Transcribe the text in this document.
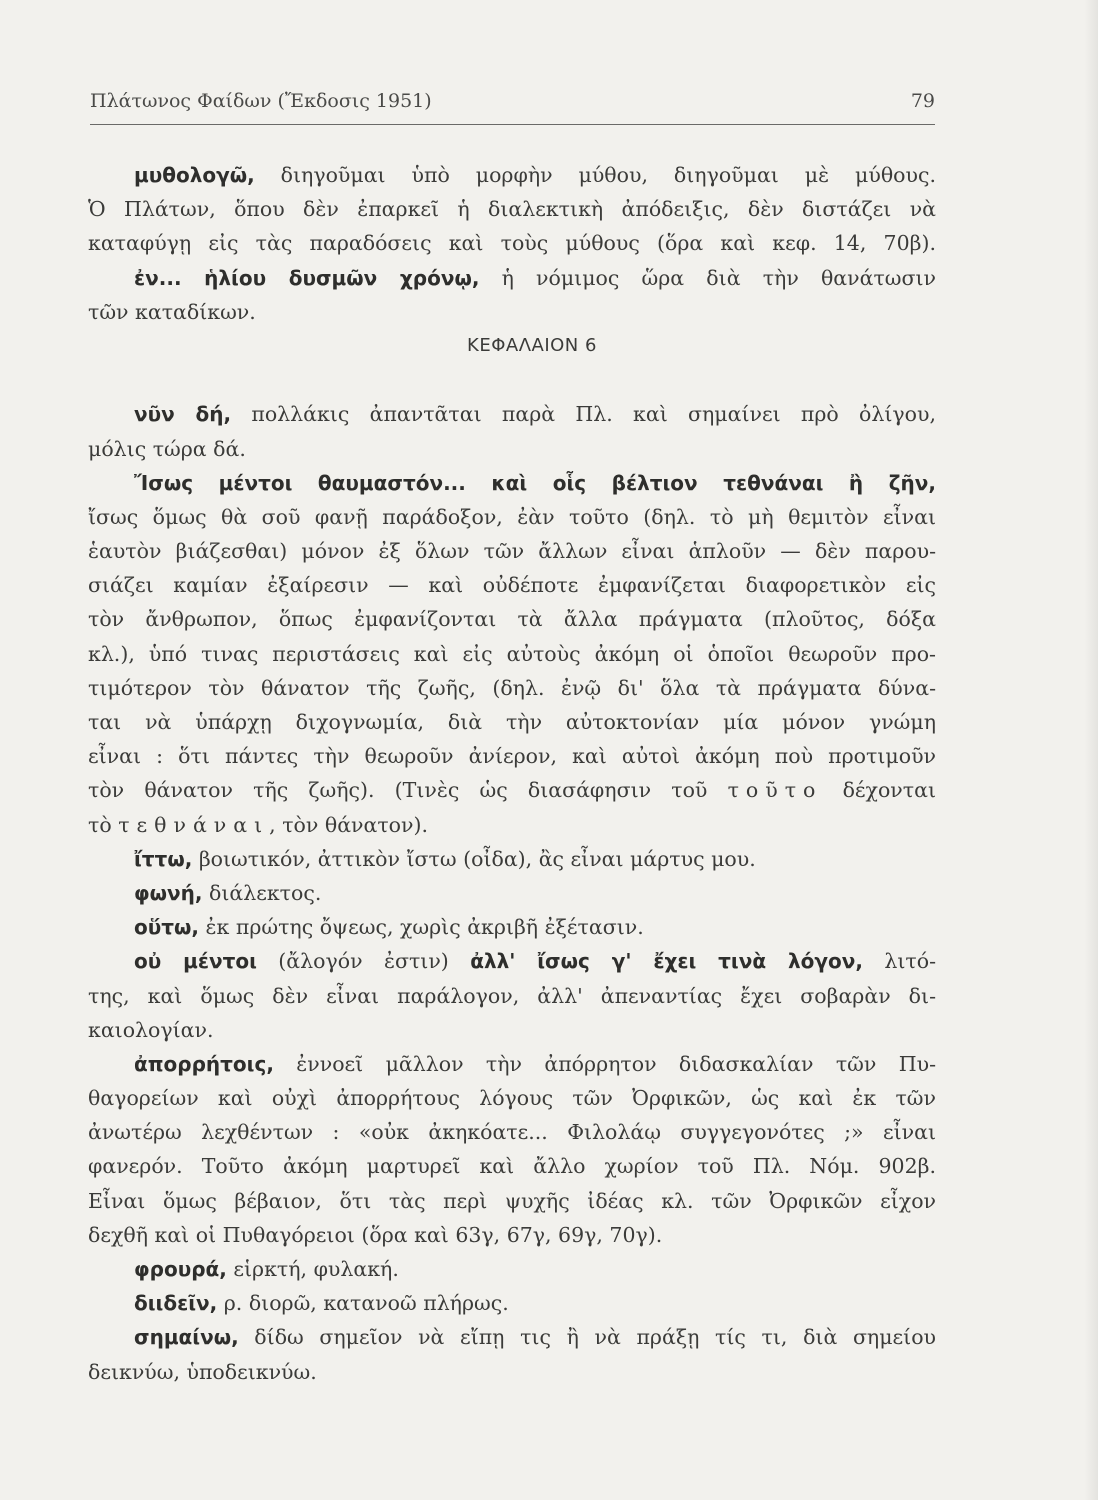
Πλάτωνος Φαίδων (Ἔκδοσις 1951)	79
μυθολογῶ, διηγοῦμαι ὑπὸ μορφὴν μύθου, διηγοῦμαι μὲ μύθους.
Ὁ Πλάτων, ὅπου δὲν ἐπαρκεῖ ἡ διαλεκτικὴ ἀπόδειξις, δὲν διστάζει νὰ
καταφύγῃ εἰς τὰς παραδόσεις καὶ τοὺς μύθους (ὅρα καὶ κεφ. 14, 70β).
ἐν... ἡλίου δυσμῶν χρόνῳ, ἡ νόμιμος ὥρα διὰ τὴν θανάτωσιν
τῶν καταδίκων.
ΚΕΦΑΛΑΙΟΝ 6
νῦν δή, πολλάκις ἀπαντᾶται παρὰ Πλ. καὶ σημαίνει πρὸ ὀλίγου,
μόλις τώρα δά.
Ἴσως μέντοι θαυμαστόν... καὶ οἷς βέλτιον τεθνάναι ἢ ζῆν,
ἴσως ὅμως θὰ σοῦ φανῇ παράδοξον, ἐὰν τοῦτο (δηλ. τὸ μὴ θεμιτὸν εἶναι
ἑαυτὸν βιάζεσθαι) μόνον ἐξ ὅλων τῶν ἄλλων εἶναι ἁπλοῦν — δὲν παρου-
σιάζει καμίαν ἐξαίρεσιν — καὶ οὐδέποτε ἐμφανίζεται διαφορετικὸν εἰς
τὸν ἄνθρωπον, ὅπως ἐμφανίζονται τὰ ἄλλα πράγματα (πλοῦτος, δόξα
κλ.), ὑπό τινας περιστάσεις καὶ εἰς αὐτοὺς ἀκόμη οἱ ὁποῖοι θεωροῦν προ-
τιμότερον τὸν θάνατον τῆς ζωῆς, (δηλ. ἐνῷ δι' ὅλα τὰ πράγματα δύνα-
ται νὰ ὑπάρχῃ διχογνωμία, διὰ τὴν αὐτοκτονίαν μία μόνον γνώμη
εἶναι : ὅτι πάντες τὴν θεωροῦν ἀνίερον, καὶ αὐτοὶ ἀκόμη ποὺ προτιμοῦν
τὸν θάνατον τῆς ζωῆς). (Τινὲς ὡς διασάφησιν τοῦ τοῦτο δέχονται
τὸ τεθνάναι, τὸν θάνατον).
ἴττω, βοιωτικόν, ἀττικὸν ἴστω (οἶδα), ἂς εἶναι μάρτυς μου.
φωνή, διάλεκτος.
οὕτω, ἐκ πρώτης ὄψεως, χωρὶς ἀκριβῆ ἐξέτασιν.
οὐ μέντοι (ἄλογόν ἐστιν) ἀλλ' ἴσως γ' ἔχει τινὰ λόγον, λιτό-
της, καὶ ὅμως δὲν εἶναι παράλογον, ἀλλ' ἀπεναντίας ἔχει σοβαρὰν δι-
καιολογίαν.
ἀπορρήτοις, ἐννοεῖ μᾶλλον τὴν ἀπόρρητον διδασκαλίαν τῶν Πυ-
θαγορείων καὶ οὐχὶ ἀπορρήτους λόγους τῶν Ὀρφικῶν, ὡς καὶ ἐκ τῶν
ἀνωτέρω λεχθέντων : «οὐκ ἀκηκόατε... Φιλολάῳ συγγεγονότες ;» εἶναι
φανερόν. Τοῦτο ἀκόμη μαρτυρεῖ καὶ ἄλλο χωρίον τοῦ Πλ. Νόμ. 902β.
Εἶναι ὅμως βέβαιον, ὅτι τὰς περὶ ψυχῆς ἰδέας κλ. τῶν Ὀρφικῶν εἶχον
δεχθῆ καὶ οἱ Πυθαγόρειοι (ὅρα καὶ 63γ, 67γ, 69γ, 70γ).
φρουρά, εἱρκτή, φυλακή.
διιδεῖν, ρ. διορῶ, κατανοῶ πλήρως.
σημαίνω, δίδω σημεῖον νὰ εἴπῃ τις ἢ νὰ πράξῃ τίς τι, διὰ σημείου
δεικνύω, ὑποδεικνύω.
